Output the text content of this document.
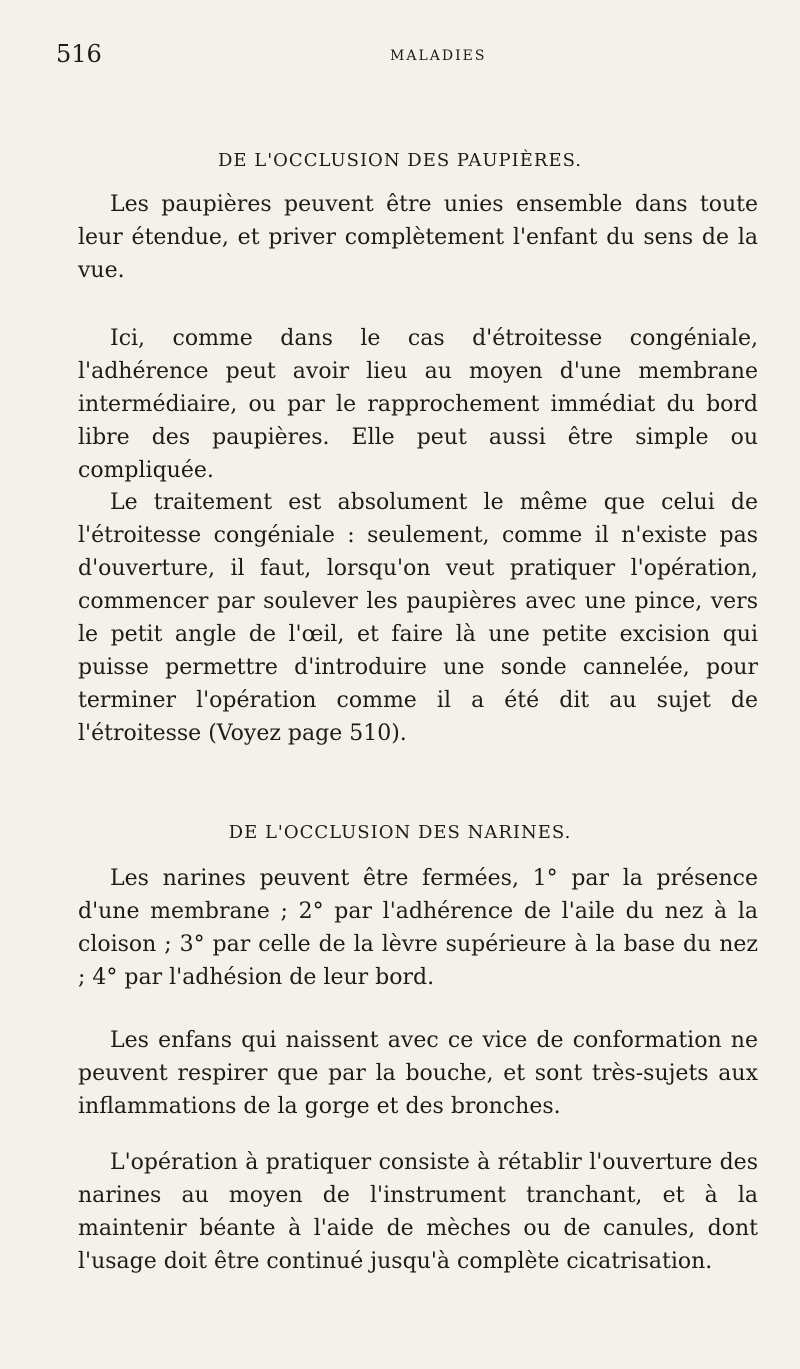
516	MALADIES
DE L'OCCLUSION DES PAUPIÈRES.

Les paupières peuvent être unies ensemble dans toute leur étendue, et priver complètement l'enfant du sens de la vue.

Ici, comme dans le cas d'étroitesse congéniale, l'adhérence peut avoir lieu au moyen d'une membrane intermédiaire, ou par le rapprochement immédiat du bord libre des paupières. Elle peut aussi être simple ou compliquée.

Le traitement est absolument le même que celui de l'étroitesse congéniale : seulement, comme il n'existe pas d'ouverture, il faut, lorsqu'on veut pratiquer l'opération, commencer par soulever les paupières avec une pince, vers le petit angle de l'œil, et faire là une petite excision qui puisse permettre d'introduire une sonde cannelée, pour terminer l'opération comme il a été dit au sujet de l'étroitesse (Voyez page 510).

DE L'OCCLUSION DES NARINES.

Les narines peuvent être fermées, 1° par la présence d'une membrane ; 2° par l'adhérence de l'aile du nez à la cloison ; 3° par celle de la lèvre supérieure à la base du nez ; 4° par l'adhésion de leur bord.

Les enfans qui naissent avec ce vice de conformation ne peuvent respirer que par la bouche, et sont très-sujets aux inflammations de la gorge et des bronches.

L'opération à pratiquer consiste à rétablir l'ouverture des narines au moyen de l'instrument tranchant, et à la maintenir béante à l'aide de mèches ou de canules, dont l'usage doit être continué jusqu'à complète cicatrisation.
